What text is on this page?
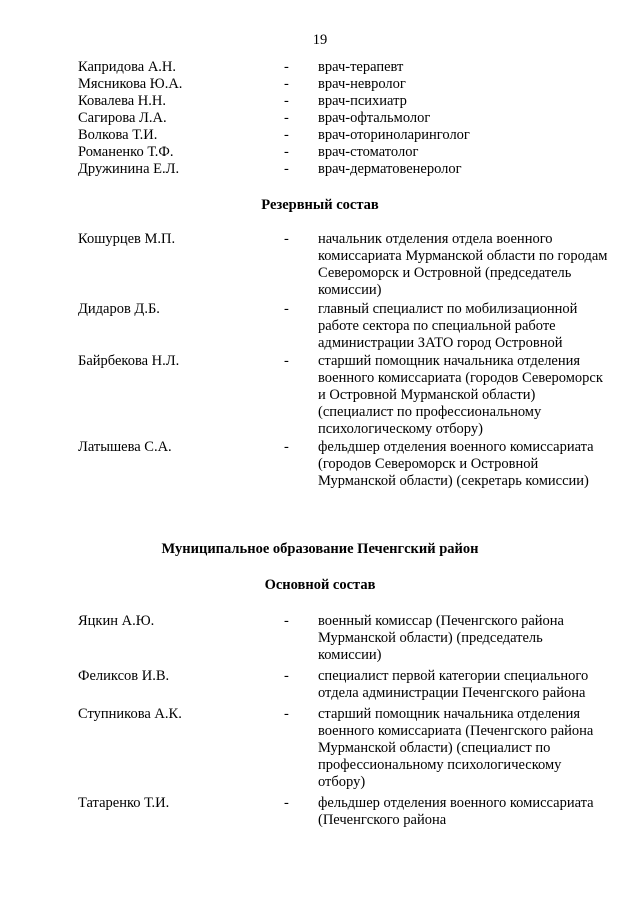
19
Капридова А.Н.	- врач-терапевт
Мясникова Ю.А.	- врач-невролог
Ковалева Н.Н.	- врач-психиатр
Сагирова Л.А.	- врач-офтальмолог
Волкова Т.И.	- врач-оториноларинголог
Романенко Т.Ф.	- врач-стоматолог
Дружинина Е.Л.	- врач-дерматовенеролог
Резервный состав
Кошурцев М.П.	- начальник отделения отдела военного комиссариата Мурманской области по городам Североморск и Островной (председатель комиссии)
Дидаров Д.Б.	- главный специалист по мобилизационной работе сектора по специальной работе администрации ЗАТО город Островной
Байрбекова Н.Л.	- старший помощник начальника отделения военного комиссариата (городов Североморск и Островной Мурманской области) (специалист по профессиональному психологическому отбору)
Латышева С.А.	- фельдшер отделения военного комиссариата (городов Североморск и Островной Мурманской области) (секретарь комиссии)
Муниципальное образование Печенгский район
Основной состав
Яцкин А.Ю.	- военный комиссар (Печенгского района Мурманской области) (председатель комиссии)
Феликсов И.В.	- специалист первой категории специального отдела администрации Печенгского района
Ступникова А.К.	- старший помощник начальника отделения военного комиссариата (Печенгского района Мурманской области) (специалист по профессиональному психологическому отбору)
Татаренко Т.И.	- фельдшер отделения военного комиссариата (Печенгского района
